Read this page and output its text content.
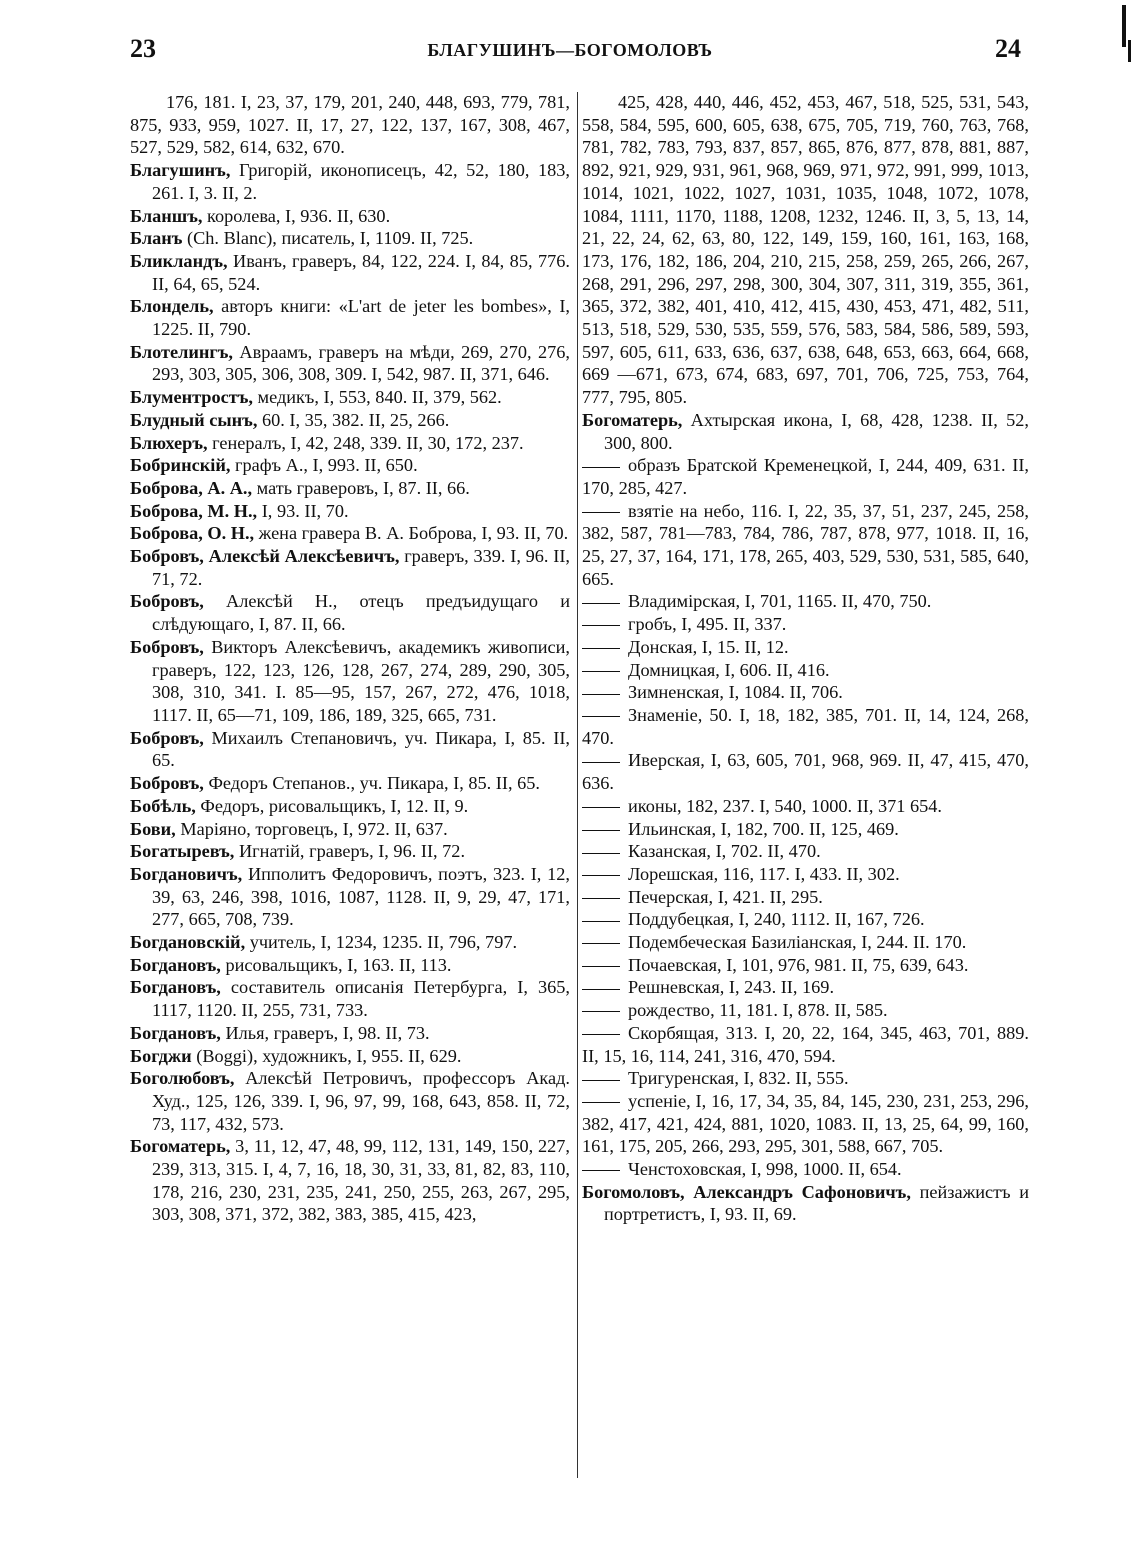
23	БЛАГУШИНЪ—БОГОМОЛОВЪ	24

176, 181. I, 23, 37, 179, 201, 240, 448, 693, 779, 781, 875, 933, 959, 1027. II, 17, 27, 122, 137, 167, 308, 467, 527, 529, 582, 614, 632, 670.

Благушинъ, Григорій, иконописецъ, 42, 52, 180, 183, 261. I, 3. II, 2.

Бланшъ, королева, I, 936. II, 630.

Бланъ (Ch. Blanc), писатель, I, 1109. II, 725.

Бликландъ, Иванъ, граверъ, 84, 122, 224. I, 84, 85, 776. II, 64, 65, 524.

Блондель, авторъ книги: «L'art de jeter les bombes», I, 1225. II, 790.

Блотелингъ, Авраамъ, граверъ на мѣди, 269, 270, 276, 293, 303, 305, 306, 308, 309. I, 542, 987. II, 371, 646.

Блументростъ, медикъ, I, 553, 840. II, 379, 562.

Блудный сынъ, 60. I, 35, 382. II, 25, 266.

Блюхеръ, генералъ, I, 42, 248, 339. II, 30, 172, 237.

Бобринскій, графъ А., I, 993. II, 650.

Боброва, А. А., мать граверовъ, I, 87. II, 66.

Боброва, М. Н., I, 93. II, 70.

Боброва, О. Н., жена гравера В. А. Боброва, I, 93. II, 70.

Бобровъ, Алексѣй Алексѣевичъ, граверъ, 339. I, 96. II, 71, 72.

Бобровъ, Алексѣй Н., отецъ предъидущаго и слѣдующаго, I, 87. II, 66.

Бобровъ, Викторъ Алексѣевичъ, академикъ живописи, граверъ, 122, 123, 126, 128, 267, 274, 289, 290, 305, 308, 310, 341. I. 85—95, 157, 267, 272, 476, 1018, 1117. II, 65—71, 109, 186, 189, 325, 665, 731.

Бобровъ, Михаилъ Степановичъ, уч. Пикара, I, 85. II, 65.

Бобровъ, Федоръ Степанов., уч. Пикара, I, 85. II, 65.

Бобѣль, Федоръ, рисовальщикъ, I, 12. II, 9.

Бови, Маріяно, торговецъ, I, 972. II, 637.

Богатыревъ, Игнатій, граверъ, I, 96. II, 72.

Богдановичъ, Ипполитъ Федоровичъ, поэтъ, 323. I, 12, 39, 63, 246, 398, 1016, 1087, 1128. II, 9, 29, 47, 171, 277, 665, 708, 739.

Богдановскій, учитель, I, 1234, 1235. II, 796, 797.

Богдановъ, рисовальщикъ, I, 163. II, 113.

Богдановъ, составитель описанія Петербурга, I, 365, 1117, 1120. II, 255, 731, 733.

Богдановъ, Илья, граверъ, I, 98. II, 73.

Богджи (Boggi), художникъ, I, 955. II, 629.

Боголюбовъ, Алексѣй Петровичъ, профессоръ Акад. Худ., 125, 126, 339. I, 96, 97, 99, 168, 643, 858. II, 72, 73, 117, 432, 573.

Богоматерь, 3, 11, 12, 47, 48, 99, 112, 131, 149, 150, 227, 239, 313, 315. I, 4, 7, 16, 18, 30, 31, 33, 81, 82, 83, 110, 178, 216, 230, 231, 235, 241, 250, 255, 263, 267, 295, 303, 308, 371, 372, 382, 383, 385, 415, 423,

425, 428, 440, 446, 452, 453, 467, 518, 525, 531, 543, 558, 584, 595, 600, 605, 638, 675, 705, 719, 760, 763, 768, 781, 782, 783, 793, 837, 857, 865, 876, 877, 878, 881, 887, 892, 921, 929, 931, 961, 968, 969, 971, 972, 991, 999, 1013, 1014, 1021, 1022, 1027, 1031, 1035, 1048, 1072, 1078, 1084, 1111, 1170, 1188, 1208, 1232, 1246. II, 3, 5, 13, 14, 21, 22, 24, 62, 63, 80, 122, 149, 159, 160, 161, 163, 168, 173, 176, 182, 186, 204, 210, 215, 258, 259, 265, 266, 267, 268, 291, 296, 297, 298, 300, 304, 307, 311, 319, 355, 361, 365, 372, 382, 401, 410, 412, 415, 430, 453, 471, 482, 511, 513, 518, 529, 530, 535, 559, 576, 583, 584, 586, 589, 593, 597, 605, 611, 633, 636, 637, 638, 648, 653, 663, 664, 668, 669 —671, 673, 674, 683, 697, 701, 706, 725, 753, 764, 777, 795, 805.

Богоматерь, Ахтырская икона, I, 68, 428, 1238. II, 52, 300, 800.

образъ Братской Кременецкой, I, 244, 409, 631. II, 170, 285, 427.

взятіе на небо, 116. I, 22, 35, 37, 51, 237, 245, 258, 382, 587, 781—783, 784, 786, 787, 878, 977, 1018. II, 16, 25, 27, 37, 164, 171, 178, 265, 403, 529, 530, 531, 585, 640, 665.

Владимірская, I, 701, 1165. II, 470, 750.

гробъ, I, 495. II, 337.

Донская, I, 15. II, 12.

Домницкая, I, 606. II, 416.

Зимненская, I, 1084. II, 706.

Знаменіе, 50. I, 18, 182, 385, 701. II, 14, 124, 268, 470.

Иверская, I, 63, 605, 701, 968, 969. II, 47, 415, 470, 636.

иконы, 182, 237. I, 540, 1000. II, 371 654.

Ильинская, I, 182, 700. II, 125, 469.

Казанская, I, 702. II, 470.

Лорешская, 116, 117. I, 433. II, 302.

Печерская, I, 421. II, 295.

Поддубецкая, I, 240, 1112. II, 167, 726.

Подембеческая Базиліанская, I, 244. II. 170.

Почаевская, I, 101, 976, 981. II, 75, 639, 643.

Решневская, I, 243. II, 169.

рождество, 11, 181. I, 878. II, 585.

Скорбящая, 313. I, 20, 22, 164, 345, 463, 701, 889. II, 15, 16, 114, 241, 316, 470, 594.

Тригуренская, I, 832. II, 555.

успеніе, I, 16, 17, 34, 35, 84, 145, 230, 231, 253, 296, 382, 417, 421, 424, 881, 1020, 1083. II, 13, 25, 64, 99, 160, 161, 175, 205, 266, 293, 295, 301, 588, 667, 705.

Ченстоховская, I, 998, 1000. II, 654.

Богомоловъ, Александръ Сафоновичъ, пейзажистъ и портретистъ, I, 93. II, 69.
